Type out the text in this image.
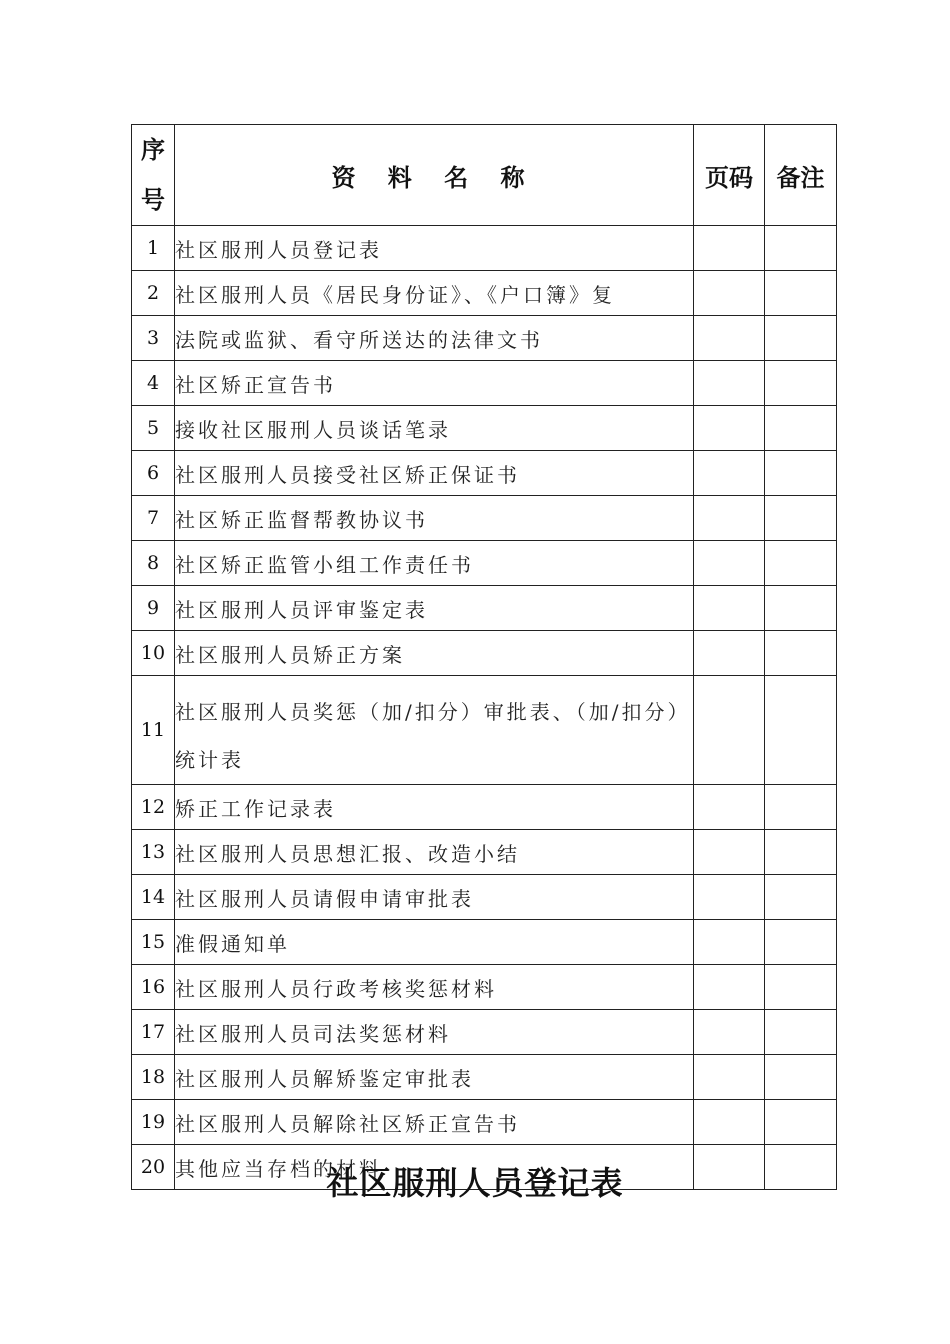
序
号	资 料 名 称	页码	备注
1	社区服刑人员登记表		
2	社区服刑人员《居民身份证》、《户口簿》复		
3	法院或监狱、看守所送达的法律文书		
4	社区矫正宣告书		
5	接收社区服刑人员谈话笔录		
6	社区服刑人员接受社区矫正保证书		
7	社区矫正监督帮教协议书		
8	社区矫正监管小组工作责任书		
9	社区服刑人员评审鉴定表		
10	社区服刑人员矫正方案		
11	社区服刑人员奖惩（加/扣分）审批表、（加/扣分）统计表		
12	矫正工作记录表		
13	社区服刑人员思想汇报、改造小结		
14	社区服刑人员请假申请审批表		
15	准假通知单		
16	社区服刑人员行政考核奖惩材料		
17	社区服刑人员司法奖惩材料		
18	社区服刑人员解矫鉴定审批表		
19	社区服刑人员解除社区矫正宣告书		
20	其他应当存档的材料		
社区服刑人员登记表
